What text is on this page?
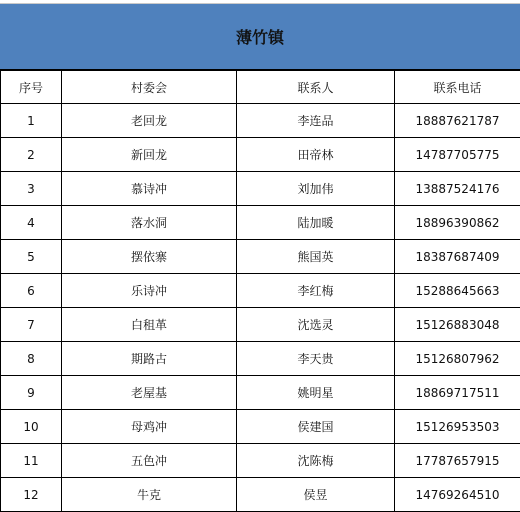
薄竹镇
序号	村委会	联系人	联系电话
1	老回龙	李连品	18887621787
2	新回龙	田帝林	14787705775
3	慕诗冲	刘加伟	13887524176
4	落水洞	陆加暖	18896390862
5	摆依寨	熊国英	18387687409
6	乐诗冲	李红梅	15288645663
7	白租革	沈选灵	15126883048
8	期路古	李天贵	15126807962
9	老屋基	姚明星	18869717511
10	母鸡冲	侯建国	15126953503
11	五色冲	沈陈梅	17787657915
12	牛克	侯昱	14769264510
